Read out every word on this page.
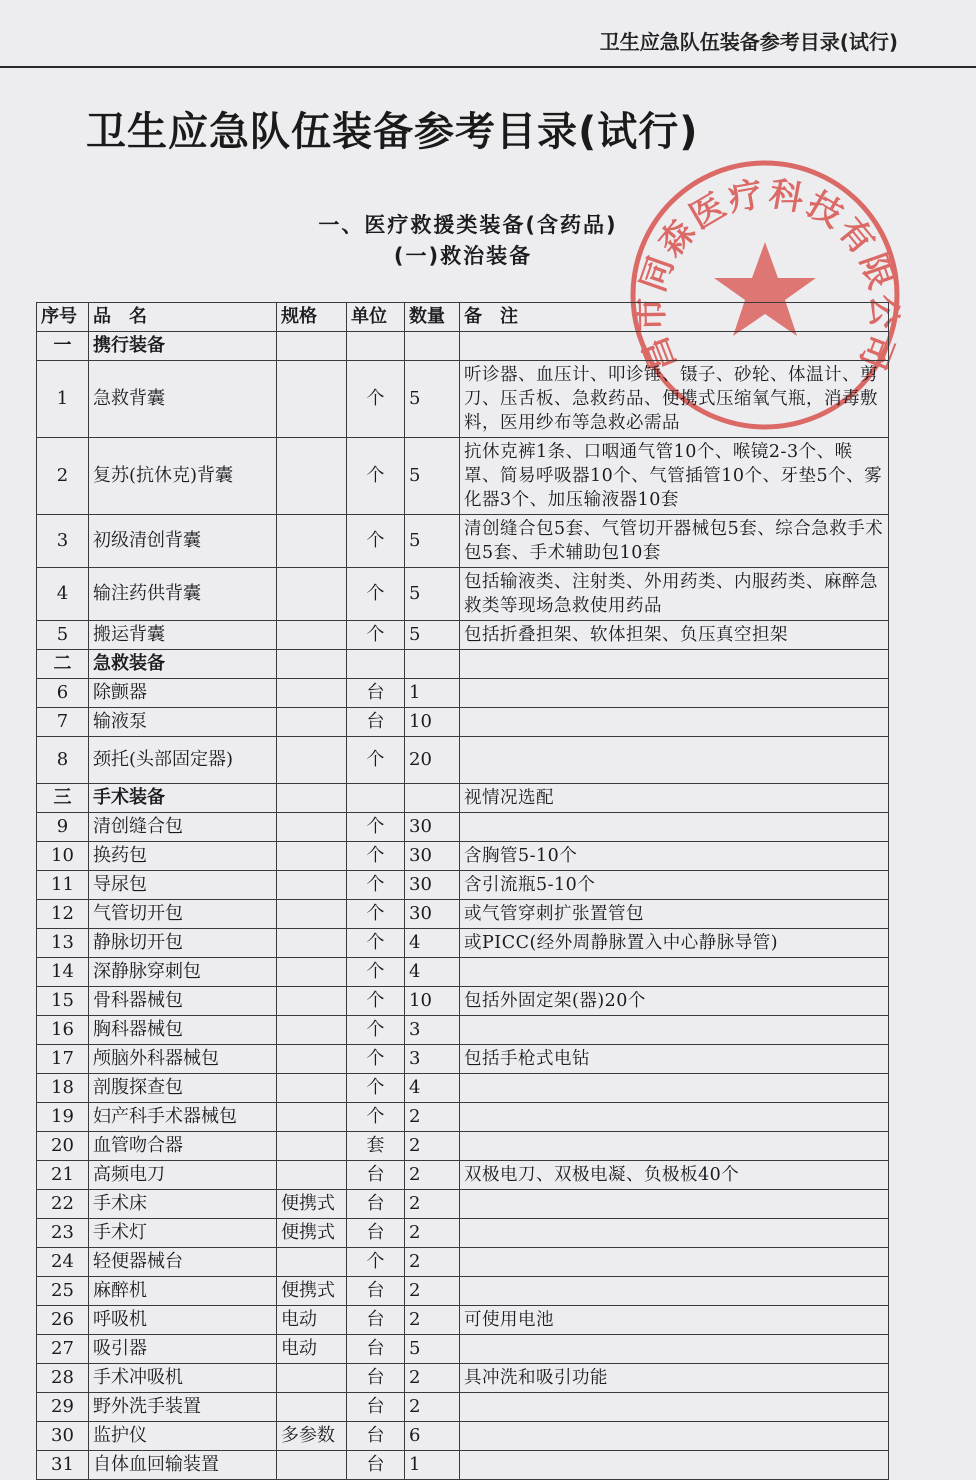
卫生应急队伍装备参考目录(试行)
卫生应急队伍装备参考目录(试行)
一、医疗救援类装备(含药品)
(一)救治装备
昌市同森医疗科技有限公司
序号	品　名	规格	单位	数量	备　注
一	携行装备				
1	急救背囊		个	5	听诊器、血压计、叩诊锤、镊子、砂轮、体温计、剪刀、压舌板、急救药品、便携式压缩氧气瓶，消毒敷料，医用纱布等急救必需品
2	复苏(抗休克)背囊		个	5	抗休克裤1条、口咽通气管10个、喉镜2-3个、喉罩、简易呼吸器10个、气管插管10个、牙垫5个、雾化器3个、加压输液器10套
3	初级清创背囊		个	5	清创缝合包5套、气管切开器械包5套、综合急救手术包5套、手术辅助包10套
4	输注药供背囊		个	5	包括输液类、注射类、外用药类、内服药类、麻醉急救类等现场急救使用药品
5	搬运背囊		个	5	包括折叠担架、软体担架、负压真空担架
二	急救装备				
6	除颤器		台	1	
7	输液泵		台	10	
8	颈托(头部固定器)		个	20	
三	手术装备				视情况选配
9	清创缝合包		个	30	
10	换药包		个	30	含胸管5-10个
11	导尿包		个	30	含引流瓶5-10个
12	气管切开包		个	30	或气管穿刺扩张置管包
13	静脉切开包		个	4	或PICC(经外周静脉置入中心静脉导管)
14	深静脉穿刺包		个	4	
15	骨科器械包		个	10	包括外固定架(器)20个
16	胸科器械包		个	3	
17	颅脑外科器械包		个	3	包括手枪式电钻
18	剖腹探查包		个	4	
19	妇产科手术器械包		个	2	
20	血管吻合器		套	2	
21	高频电刀		台	2	双极电刀、双极电凝、负极板40个
22	手术床	便携式	台	2	
23	手术灯	便携式	台	2	
24	轻便器械台		个	2	
25	麻醉机	便携式	台	2	
26	呼吸机	电动	台	2	可使用电池
27	吸引器	电动	台	5	
28	手术冲吸机		台	2	具冲洗和吸引功能
29	野外洗手装置		台	2	
30	监护仪	多参数	台	6	
31	自体血回输装置		台	1	
